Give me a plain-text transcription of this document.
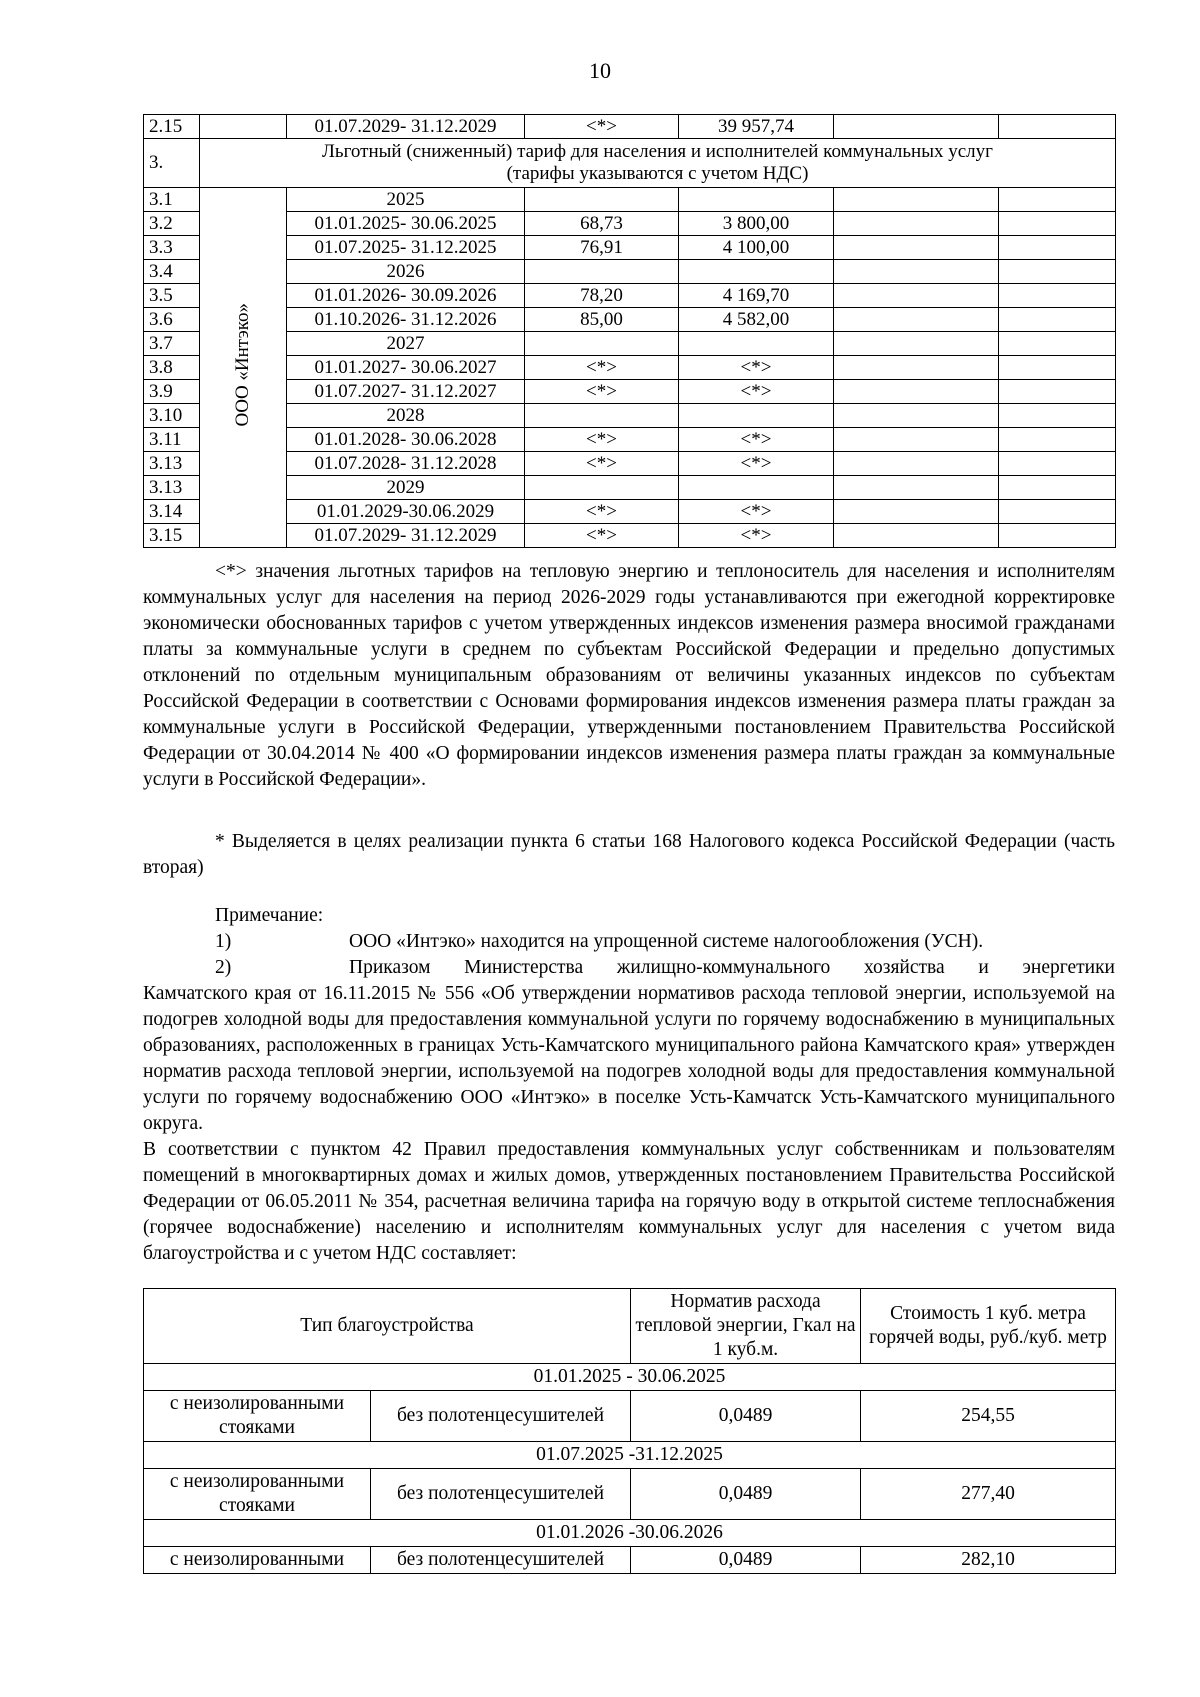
10
2.15		01.07.2029- 31.12.2029	<*>	39 957,74		
3.	Льготный (сниженный) тариф для населения и исполнителей коммунальных услуг
(тарифы указываются с учетом НДС)					

3.1	ООО «Интэко»	2025				
3.2		01.01.2025- 30.06.2025	68,73	3 800,00		
3.3		01.07.2025- 31.12.2025	76,91	4 100,00		
3.4		2026				
3.5		01.01.2026- 30.09.2026	78,20	4 169,70		
3.6		01.10.2026- 31.12.2026	85,00	4 582,00		
3.7		2027				
3.8		01.01.2027- 30.06.2027	<*>	<*>		
3.9		01.07.2027- 31.12.2027	<*>	<*>		
3.10		2028				
3.11		01.01.2028- 30.06.2028	<*>	<*>		
3.13		01.07.2028- 31.12.2028	<*>	<*>		
3.13		2029				
3.14		01.01.2029-30.06.2029	<*>	<*>		
3.15		01.07.2029- 31.12.2029	<*>	<*>		

<*> значения льготных тарифов на тепловую энергию и теплоноситель для населения и исполнителям коммунальных услуг для населения на период 2026-2029 годы устанавливаются при ежегодной корректировке экономически обоснованных тарифов с учетом утвержденных индексов изменения размера вносимой гражданами платы за коммунальные услуги в среднем по субъектам Российской Федерации и предельно допустимых отклонений по отдельным муниципальным образованиям от величины указанных индексов по субъектам Российской Федерации в соответствии с Основами формирования индексов изменения размера платы граждан за коммунальные услуги в Российской Федерации, утвержденными постановлением Правительства Российской Федерации от 30.04.2014 № 400 «О формировании индексов изменения размера платы граждан за коммунальные услуги в Российской Федерации».

* Выделяется в целях реализации пункта 6 статьи 168 Налогового кодекса Российской Федерации (часть вторая)

Примечание:

1)	ООО «Интэко» находится на упрощенной системе налогообложения (УСН).
2)	Приказом Министерства жилищно-коммунального хозяйства и энергетики

Камчатского края от 16.11.2015 № 556 «Об утверждении нормативов расхода тепловой энергии, используемой на подогрев холодной воды для предоставления коммунальной услуги по горячему водоснабжению в муниципальных образованиях, расположенных в границах Усть-Камчатского муниципального района Камчатского края» утвержден норматив расхода тепловой энергии, используемой на подогрев холодной воды для предоставления коммунальной услуги по горячему водоснабжению ООО «Интэко» в поселке Усть-Камчатск Усть-Камчатского муниципального округа.

В соответствии с пунктом 42 Правил предоставления коммунальных услуг собственникам и пользователям помещений в многоквартирных домах и жилых домов, утвержденных постановлением Правительства Российской Федерации от 06.05.2011 № 354, расчетная величина тарифа на горячую воду в открытой системе теплоснабжения (горячее водоснабжение) населению и исполнителям коммунальных услуг для населения с учетом вида благоустройства и с учетом НДС составляет:

Тип благоустройства		Норматив расхода тепловой энергии, Гкал на 1 куб.м.	Стоимость 1 куб. метра горячей воды, руб./куб. метр
01.01.2025 - 30.06.2025			
с неизолированными стояками	без полотенцесушителей	0,0489	254,55
01.07.2025 -31.12.2025			
с неизолированными стояками	без полотенцесушителей	0,0489	277,40
01.01.2026 -30.06.2026			
с неизолированными	без полотенцесушителей	0,0489	282,10
